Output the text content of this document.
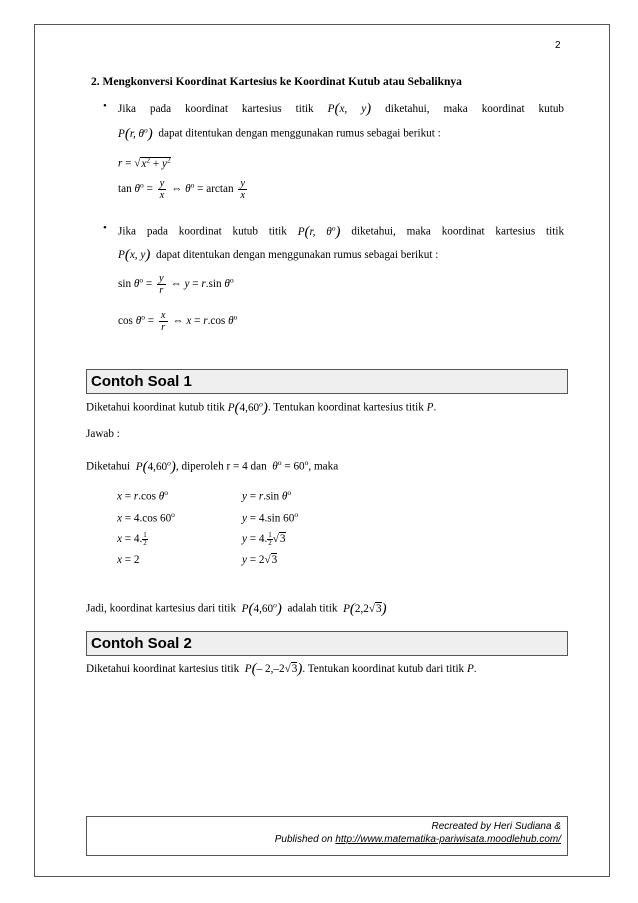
2
2. Mengkonversi Koordinat Kartesius ke Koordinat Kutub atau Sebaliknya
• Jika pada koordinat kartesius titik P(x, y) diketahui, maka koordinat kutub
P(r, $\theta^o$) dapat ditentukan dengan menggunakan rumus sebagai berikut :
$r = √x^2 + y^2$
$\tan \theta^o = \frac{y}{x}$ ⇔ $\theta^o = \arctan \frac{y}{x}$
• Jika pada koordinat kutub titik P(r, $\theta^o$) diketahui, maka koordinat kartesius titik
P(x, y) dapat ditentukan dengan menggunakan rumus sebagai berikut :
$\sin \theta^o = \frac{y}{r}$ ⇔ y = r.sin $\theta^o$
$\cos \theta^o = \frac{x}{r}$ ⇔ x = r.cos $\theta^o$
Contoh Soal 1
Diketahui koordinat kutub titik P(4,60$^o$). Tentukan koordinat kartesius titik P.
Jawab :
Diketahui P(4,60$^o$), diperoleh r = 4 dan $\theta^o = 60^o$, maka
x = r.cos $\theta^o$
x = 4.cos 60$^o$
x = 4. $\frac{1}{2}$
x = 2
y = r.sin $\theta^o$
y = 4.sin 60$^o$
y = 4. $\frac{1}{2}√3$
y = 2√3
Jadi, koordinat kartesius dari titik P(4,60$^o$) adalah titik P(2,2√3)
Contoh Soal 2
Diketahui koordinat kartesius titik P(– 2,–2√3). Tentukan koordinat kutub dari titik P.
Recreated by Heri Sudiana &
Published on http://www.matematika-pariwisata.moodlehub.com/
